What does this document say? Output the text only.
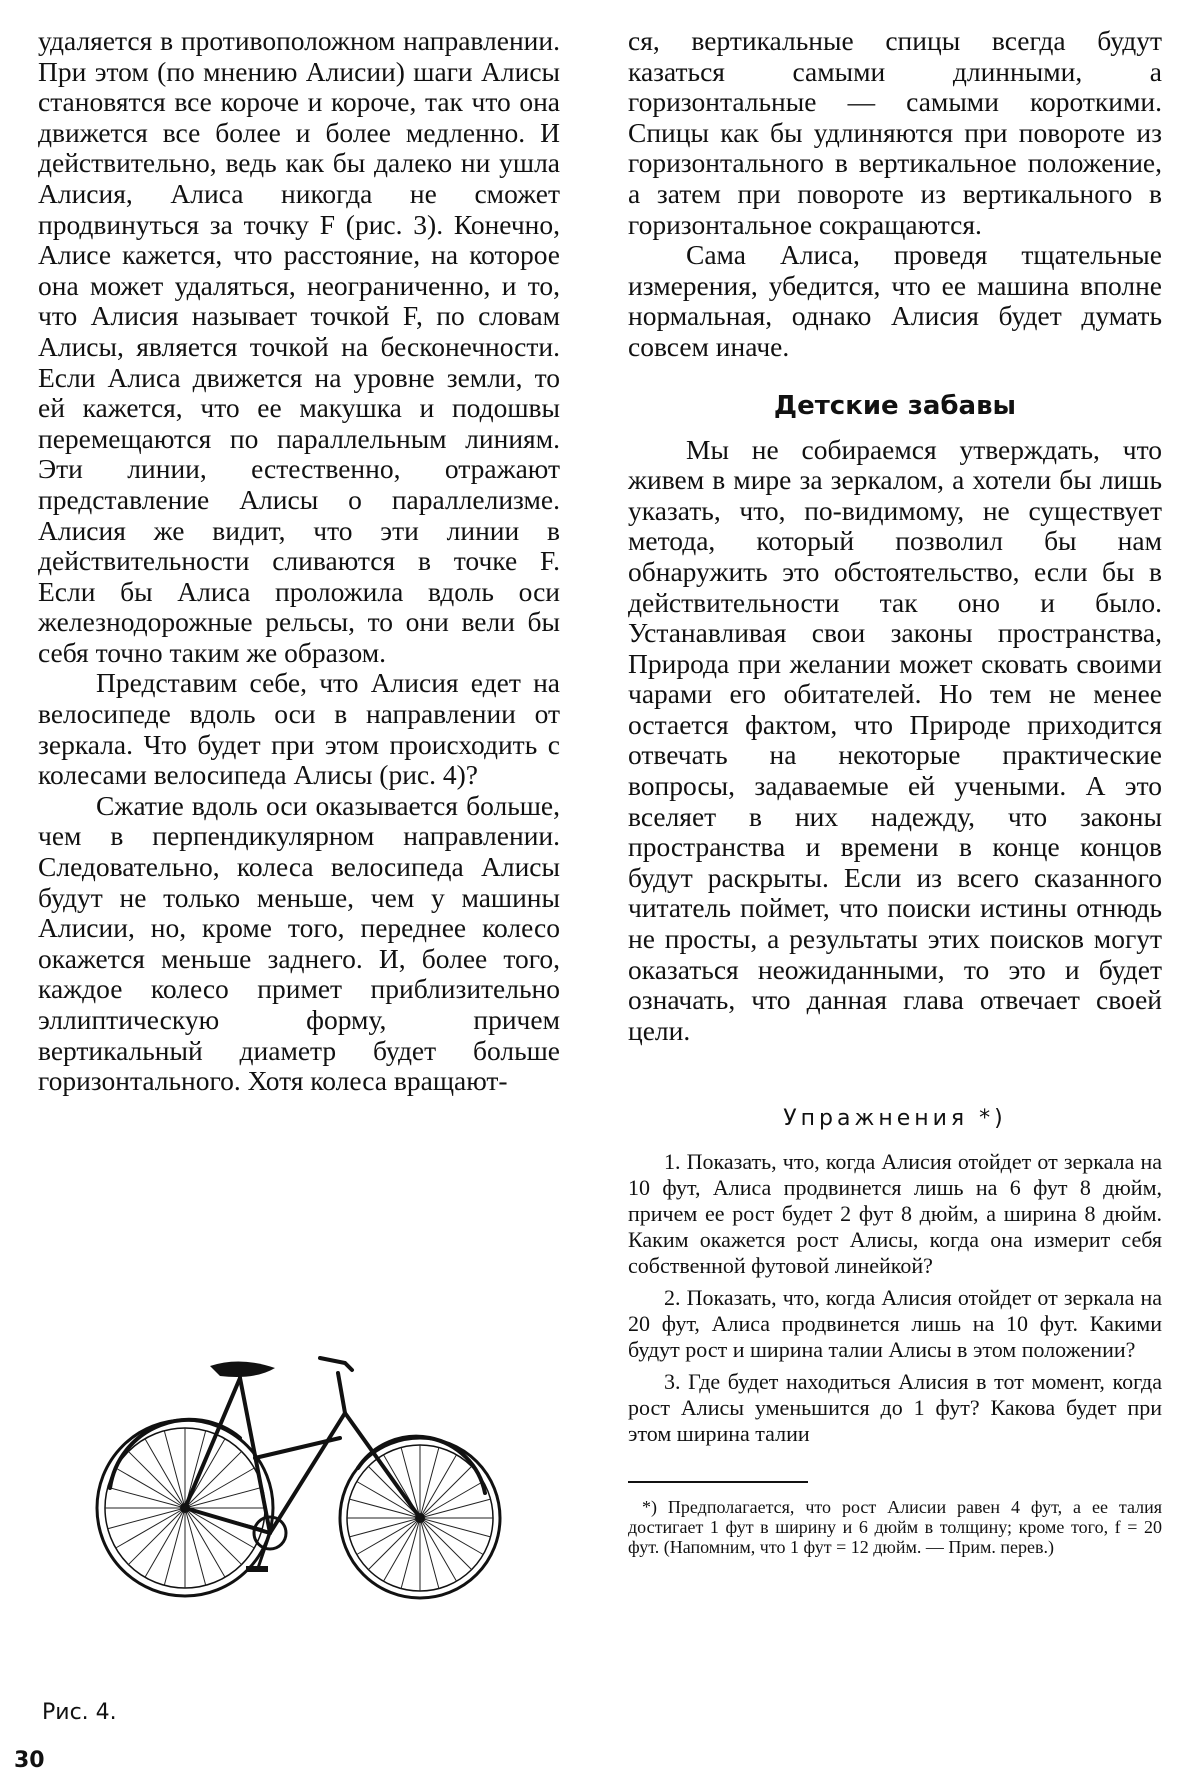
удаляется в противоположном направлении. При этом (по мнению Алисии) шаги Алисы становятся все короче и короче, так что она движется все более и более медленно. И действительно, ведь как бы далеко ни ушла Алисия, Алиса никогда не сможет продвинуться за точку F (рис. 3). Конечно, Алисе кажется, что расстояние, на которое она может удаляться, неограниченно, и то, что Алисия называет точкой F, по словам Алисы, является точкой на бесконечности. Если Алиса движется на уровне земли, то ей кажется, что ее макушка и подошвы перемещаются по параллельным линиям. Эти линии, естественно, отражают представление Алисы о параллелизме. Алисия же видит, что эти линии в действительности сливаются в точке F. Если бы Алиса проложила вдоль оси железнодорожные рельсы, то они вели бы себя точно таким же образом.

Представим себе, что Алисия едет на велосипеде вдоль оси в направлении от зеркала. Что будет при этом происходить с колесами велосипеда Алисы (рис. 4)?

Сжатие вдоль оси оказывается больше, чем в перпендикулярном направлении. Следовательно, колеса велосипеда Алисы будут не только меньше, чем у машины Алисии, но, кроме того, переднее колесо окажется меньше заднего. И, более того, каждое колесо примет приблизительно эллиптическую форму, причем вертикальный диаметр будет больше горизонтального. Хотя колеса вращают-

ся, вертикальные спицы всегда будут казаться самыми длинными, а горизонтальные — самыми короткими. Спицы как бы удлиняются при повороте из горизонтального в вертикальное положение, а затем при повороте из вертикального в горизонтальное сокращаются.

Сама Алиса, проведя тщательные измерения, убедится, что ее машина вполне нормальная, однако Алисия будет думать совсем иначе.

Детские забавы

Мы не собираемся утверждать, что живем в мире за зеркалом, а хотели бы лишь указать, что, по-видимому, не существует метода, который позволил бы нам обнаружить это обстоятельство, если бы в действительности так оно и было. Устанавливая свои законы пространства, Природа при желании может сковать своими чарами его обитателей. Но тем не менее остается фактом, что Природе приходится отвечать на некоторые практические вопросы, задаваемые ей учеными. А это вселяет в них надежду, что законы пространства и времени в конце концов будут раскрыты. Если из всего сказанного читатель поймет, что поиски истины отнюдь не просты, а результаты этих поисков могут оказаться неожиданными, то это и будет означать, что данная глава отвечает своей цели.

Упражнения *)

1. Показать, что, когда Алисия отойдет от зеркала на 10 фут, Алиса продвинется лишь на 6 фут 8 дюйм, причем ее рост будет 2 фут 8 дюйм, а ширина 8 дюйм. Каким окажется рост Алисы, когда она измерит себя собственной футовой линейкой?

2. Показать, что, когда Алисия отойдет от зеркала на 20 фут, Алиса продвинется лишь на 10 фут. Какими будут рост и ширина талии Алисы в этом положении?

3. Где будет находиться Алисия в тот момент, когда рост Алисы уменьшится до 1 фут? Какова будет при этом ширина талии

*) Предполагается, что рост Алисии равен 4 фут, а ее талия достигает 1 фут в ширину и 6 дюйм в толщину; кроме того, f = 20 фут. (Напомним, что 1 фут = 12 дюйм. — Прим. перев.)

Рис. 4.
30
